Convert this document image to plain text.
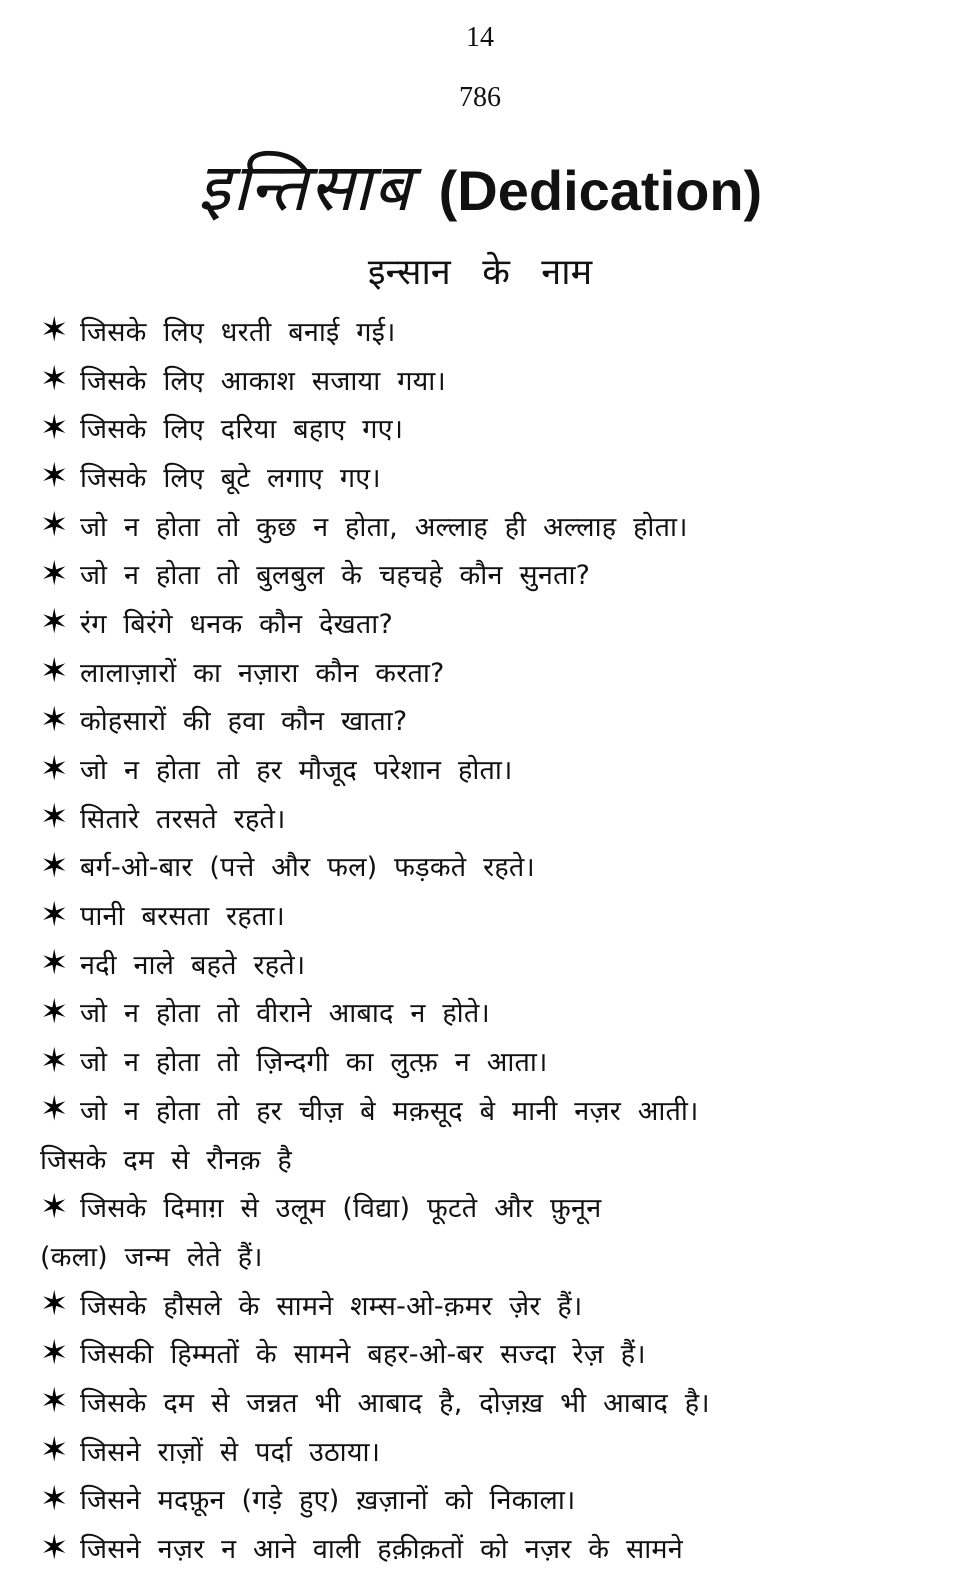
14
786
इन्तिसाब (Dedication)
इन्सान के नाम
✶ जिसके लिए धरती बनाई गई।
✶ जिसके लिए आकाश सजाया गया।
✶ जिसके लिए दरिया बहाए गए।
✶ जिसके लिए बूटे लगाए गए।
✶ जो न होता तो कुछ न होता, अल्लाह ही अल्लाह होता।
✶ जो न होता तो बुलबुल के चहचहे कौन सुनता?
✶ रंग बिरंगे धनक कौन देखता?
✶ लालाज़ारों का नज़ारा कौन करता?
✶ कोहसारों की हवा कौन खाता?
✶ जो न होता तो हर मौजूद परेशान होता।
✶ सितारे तरसते रहते।
✶ बर्ग-ओ-बार (पत्ते और फल) फड़कते रहते।
✶ पानी बरसता रहता।
✶ नदी नाले बहते रहते।
✶ जो न होता तो वीराने आबाद न होते।
✶ जो न होता तो ज़िन्दगी का लुत्फ़ न आता।
✶ जो न होता तो हर चीज़ बे मक़सूद बे मानी नज़र आती।
जिसके दम से रौनक़ है
✶ जिसके दिमाग़ से उलूम (विद्या) फूटते और फ़ुनून
(कला) जन्म लेते हैं।
✶ जिसके हौसले के सामने शम्स-ओ-क़मर ज़ेर हैं।
✶ जिसकी हिम्मतों के सामने बहर-ओ-बर सज्दा रेज़ हैं।
✶ जिसके दम से जन्नत भी आबाद है, दोज़ख़ भी आबाद है।
✶ जिसने राज़ों से पर्दा उठाया।
✶ जिसने मदफ़ून (गड़े हुए) ख़ज़ानों को निकाला।
✶ जिसने नज़र न आने वाली हक़ीक़तों को नज़र के सामने
